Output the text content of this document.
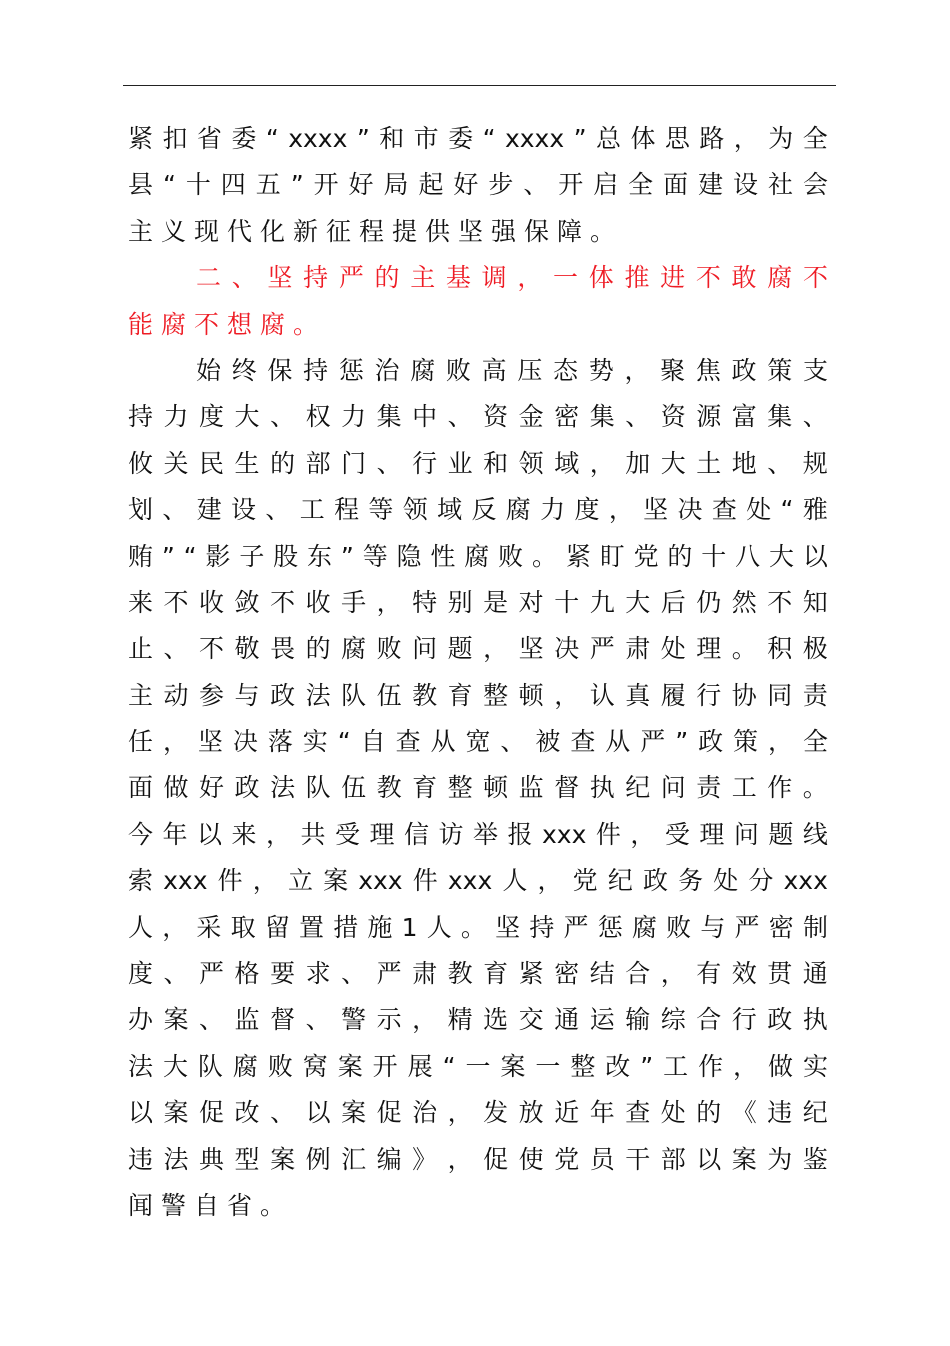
紧 扣 省 委 “ xxxx ” 和 市 委 “ xxxx ” 总 体 思 路 ， 为 全
县 “ 十 四 五 ” 开 好 局 起 好 步 、 开 启 全 面 建 设 社 会
主义现代化新征程提供坚强保障。
二 、 坚 持 严 的 主 基 调 ， 一 体 推 进 不 敢 腐 不
能腐不想腐。
始 终 保 持 惩 治 腐 败 高 压 态 势 ， 聚 焦 政 策 支
持 力 度 大 、 权 力 集 中 、 资 金 密 集 、 资 源 富 集 、
攸 关 民 生 的 部 门 、 行 业 和 领 域 ， 加 大 土 地 、 规
划 、 建 设 、 工 程 等 领 域 反 腐 力 度 ， 坚 决 查 处 “ 雅
贿 ” “ 影 子 股 东 ” 等 隐 性 腐 败 。 紧 盯 党 的 十 八 大 以
来 不 收 敛 不 收 手 ， 特 别 是 对 十 九 大 后 仍 然 不 知
止 、 不 敬 畏 的 腐 败 问 题 ， 坚 决 严 肃 处 理 。 积 极
主 动 参 与 政 法 队 伍 教 育 整 顿 ， 认 真 履 行 协 同 责
任 ， 坚 决 落 实 “ 自 查 从 宽 、 被 查 从 严 ” 政 策 ， 全
面 做 好 政 法 队 伍 教 育 整 顿 监 督 执 纪 问 责 工 作 。
今 年 以 来 ， 共 受 理 信 访 举 报 xxx 件 ， 受 理 问 题 线
索 xxx 件 ， 立 案 xxx 件 xxx 人 ， 党 纪 政 务 处 分 xxx
人 ， 采 取 留 置 措 施 1 人 。 坚 持 严 惩 腐 败 与 严 密 制
度 、 严 格 要 求 、 严 肃 教 育 紧 密 结 合 ， 有 效 贯 通
办 案 、 监 督 、 警 示 ， 精 选 交 通 运 输 综 合 行 政 执
法 大 队 腐 败 窝 案 开 展 “ 一 案 一 整 改 ” 工 作 ， 做 实
以 案 促 改 、 以 案 促 治 ， 发 放 近 年 查 处 的 《 违 纪
违 法 典 型 案 例 汇 编 》 ， 促 使 党 员 干 部 以 案 为 鉴
闻警自省。
